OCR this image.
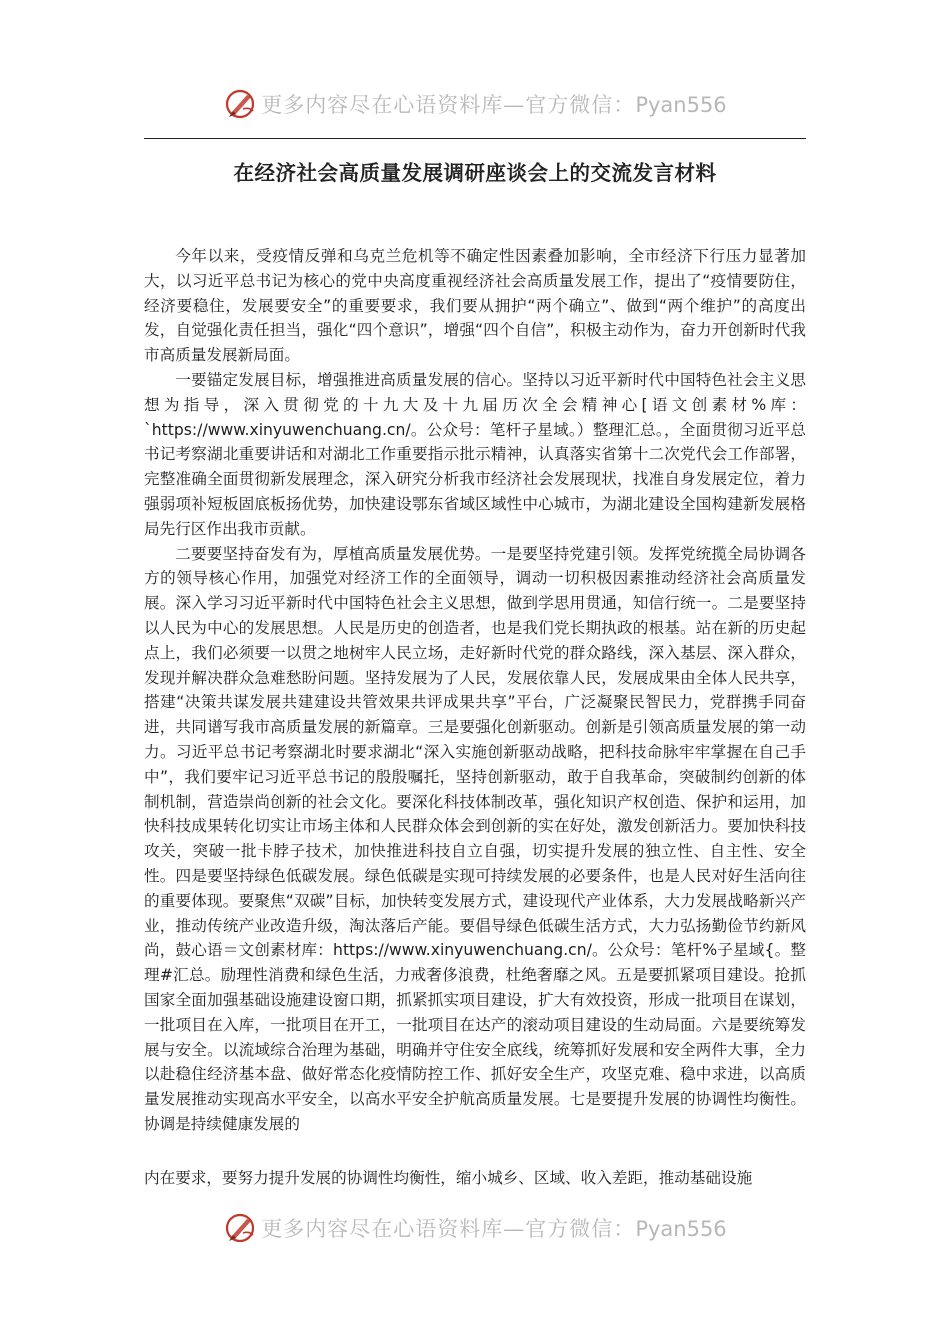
更多内容尽在心语资料库—官方微信：Pyan556
在经济社会高质量发展调研座谈会上的交流发言材料

今年以来，受疫情反弹和乌克兰危机等不确定性因素叠加影响，全市经济下行压力显著加大，以习近平总书记为核心的党中央高度重视经济社会高质量发展工作，提出了“疫情要防住，经济要稳住，发展要安全”的重要要求，我们要从拥护“两个确立”、做到“两个维护”的高度出发，自觉强化责任担当，强化“四个意识”，增强“四个自信”，积极主动作为，奋力开创新时代我市高质量发展新局面。

一要锚定发展目标，增强推进高质量发展的信心。坚持以习近平新时代中国特色社会主义思想为指导，深入贯彻党的十九大及十九届历次全会精神心[语文创素材%库：`https://www.xinyuwenchuang.cn/。公众号：笔杆子星域。）整理汇总。，全面贯彻习近平总书记考察湖北重要讲话和对湖北工作重要指示批示精神，认真落实省第十二次党代会工作部署，完整准确全面贯彻新发展理念，深入研究分析我市经济社会发展现状，找准自身发展定位，着力强弱项补短板固底板扬优势，加快建设鄂东省域区域性中心城市，为湖北建设全国构建新发展格局先行区作出我市贡献。

二要要坚持奋发有为，厚植高质量发展优势。一是要坚持党建引领。发挥党统揽全局协调各方的领导核心作用，加强党对经济工作的全面领导，调动一切积极因素推动经济社会高质量发展。深入学习习近平新时代中国特色社会主义思想，做到学思用贯通，知信行统一。二是要坚持以人民为中心的发展思想。人民是历史的创造者，也是我们党长期执政的根基。站在新的历史起点上，我们必须要一以贯之地树牢人民立场，走好新时代党的群众路线，深入基层、深入群众，发现并解决群众急难愁盼问题。坚持发展为了人民，发展依靠人民，发展成果由全体人民共享，搭建“决策共谋发展共建建设共管效果共评成果共享”平台，广泛凝聚民智民力，党群携手同奋进，共同谱写我市高质量发展的新篇章。三是要强化创新驱动。创新是引领高质量发展的第一动力。习近平总书记考察湖北时要求湖北“深入实施创新驱动战略，把科技命脉牢牢掌握在自己手中”，我们要牢记习近平总书记的殷殷嘱托，坚持创新驱动，敢于自我革命，突破制约创新的体制机制，营造崇尚创新的社会文化。要深化科技体制改革，强化知识产权创造、保护和运用，加快科技成果转化切实让市场主体和人民群众体会到创新的实在好处，激发创新活力。要加快科技攻关，突破一批卡脖子技术，加快推进科技自立自强，切实提升发展的独立性、自主性、安全性。四是要坚持绿色低碳发展。绿色低碳是实现可持续发展的必要条件，也是人民对好生活向往的重要体现。要聚焦“双碳”目标，加快转变发展方式，建设现代产业体系，大力发展战略新兴产业，推动传统产业改造升级，淘汰落后产能。要倡导绿色低碳生活方式，大力弘扬勤俭节约新风尚，鼓心语＝文创素材库：https://www.xinyuwenchuang.cn/。公众号：笔杆%子星域{。整理#汇总。励理性消费和绿色生活，力戒奢侈浪费，杜绝奢靡之风。五是要抓紧项目建设。抢抓国家全面加强基础设施建设窗口期，抓紧抓实项目建设，扩大有效投资，形成一批项目在谋划，一批项目在入库，一批项目在开工，一批项目在达产的滚动项目建设的生动局面。六是要统筹发展与安全。以流域综合治理为基础，明确并守住安全底线，统筹抓好发展和安全两件大事，全力以赴稳住经济基本盘、做好常态化疫情防控工作、抓好安全生产，攻坚克难、稳中求进，以高质量发展推动实现高水平安全，以高水平安全护航高质量发展。七是要提升发展的协调性均衡性。协调是持续健康发展的

内在要求，要努力提升发展的协调性均衡性，缩小城乡、区域、收入差距，推动基础设施

更多内容尽在心语资料库—官方微信：Pyan556
